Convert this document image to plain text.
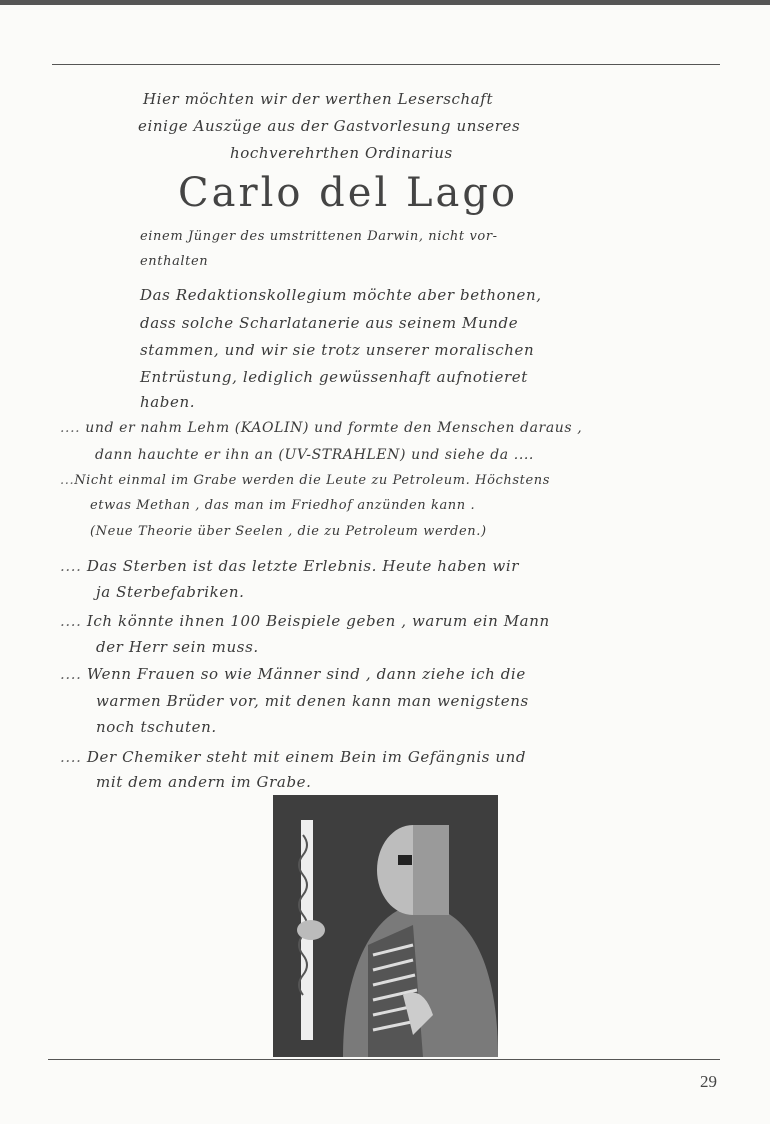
Hier möchten wir der werthen Leserschaft
einige Auszüge aus der Gastvorlesung unseres
hochverehrthen Ordinarius
Carlo del Lago
einem Jünger des umstrittenen Darwin, nicht vor-
enthalten
Das Redaktionskollegium möchte aber bethonen,
dass solche Scharlatanerie aus seinem Munde
stammen, und wir sie trotz unserer moralischen
Entrüstung, lediglich gewüssenhaft aufnotieret
haben.
.... und er nahm Lehm (KAOLIN) und formte den Menschen daraus ,
dann hauchte er ihn an (UV-STRAHLEN) und siehe da ....
...Nicht einmal im Grabe werden die Leute zu Petroleum. Höchstens
etwas Methan , das man im Friedhof anzünden kann .
(Neue Theorie über Seelen , die zu Petroleum werden.)
.... Das Sterben ist das letzte Erlebnis. Heute haben wir
ja Sterbefabriken.
.... Ich könnte ihnen 100 Beispiele geben , warum ein Mann
der Herr sein muss.
.... Wenn Frauen so wie Männer sind , dann ziehe ich die
warmen Brüder vor, mit denen kann man wenigstens
noch tschuten.
.... Der Chemiker steht mit einem Bein im Gefängnis und
mit dem andern im Grabe.
29
